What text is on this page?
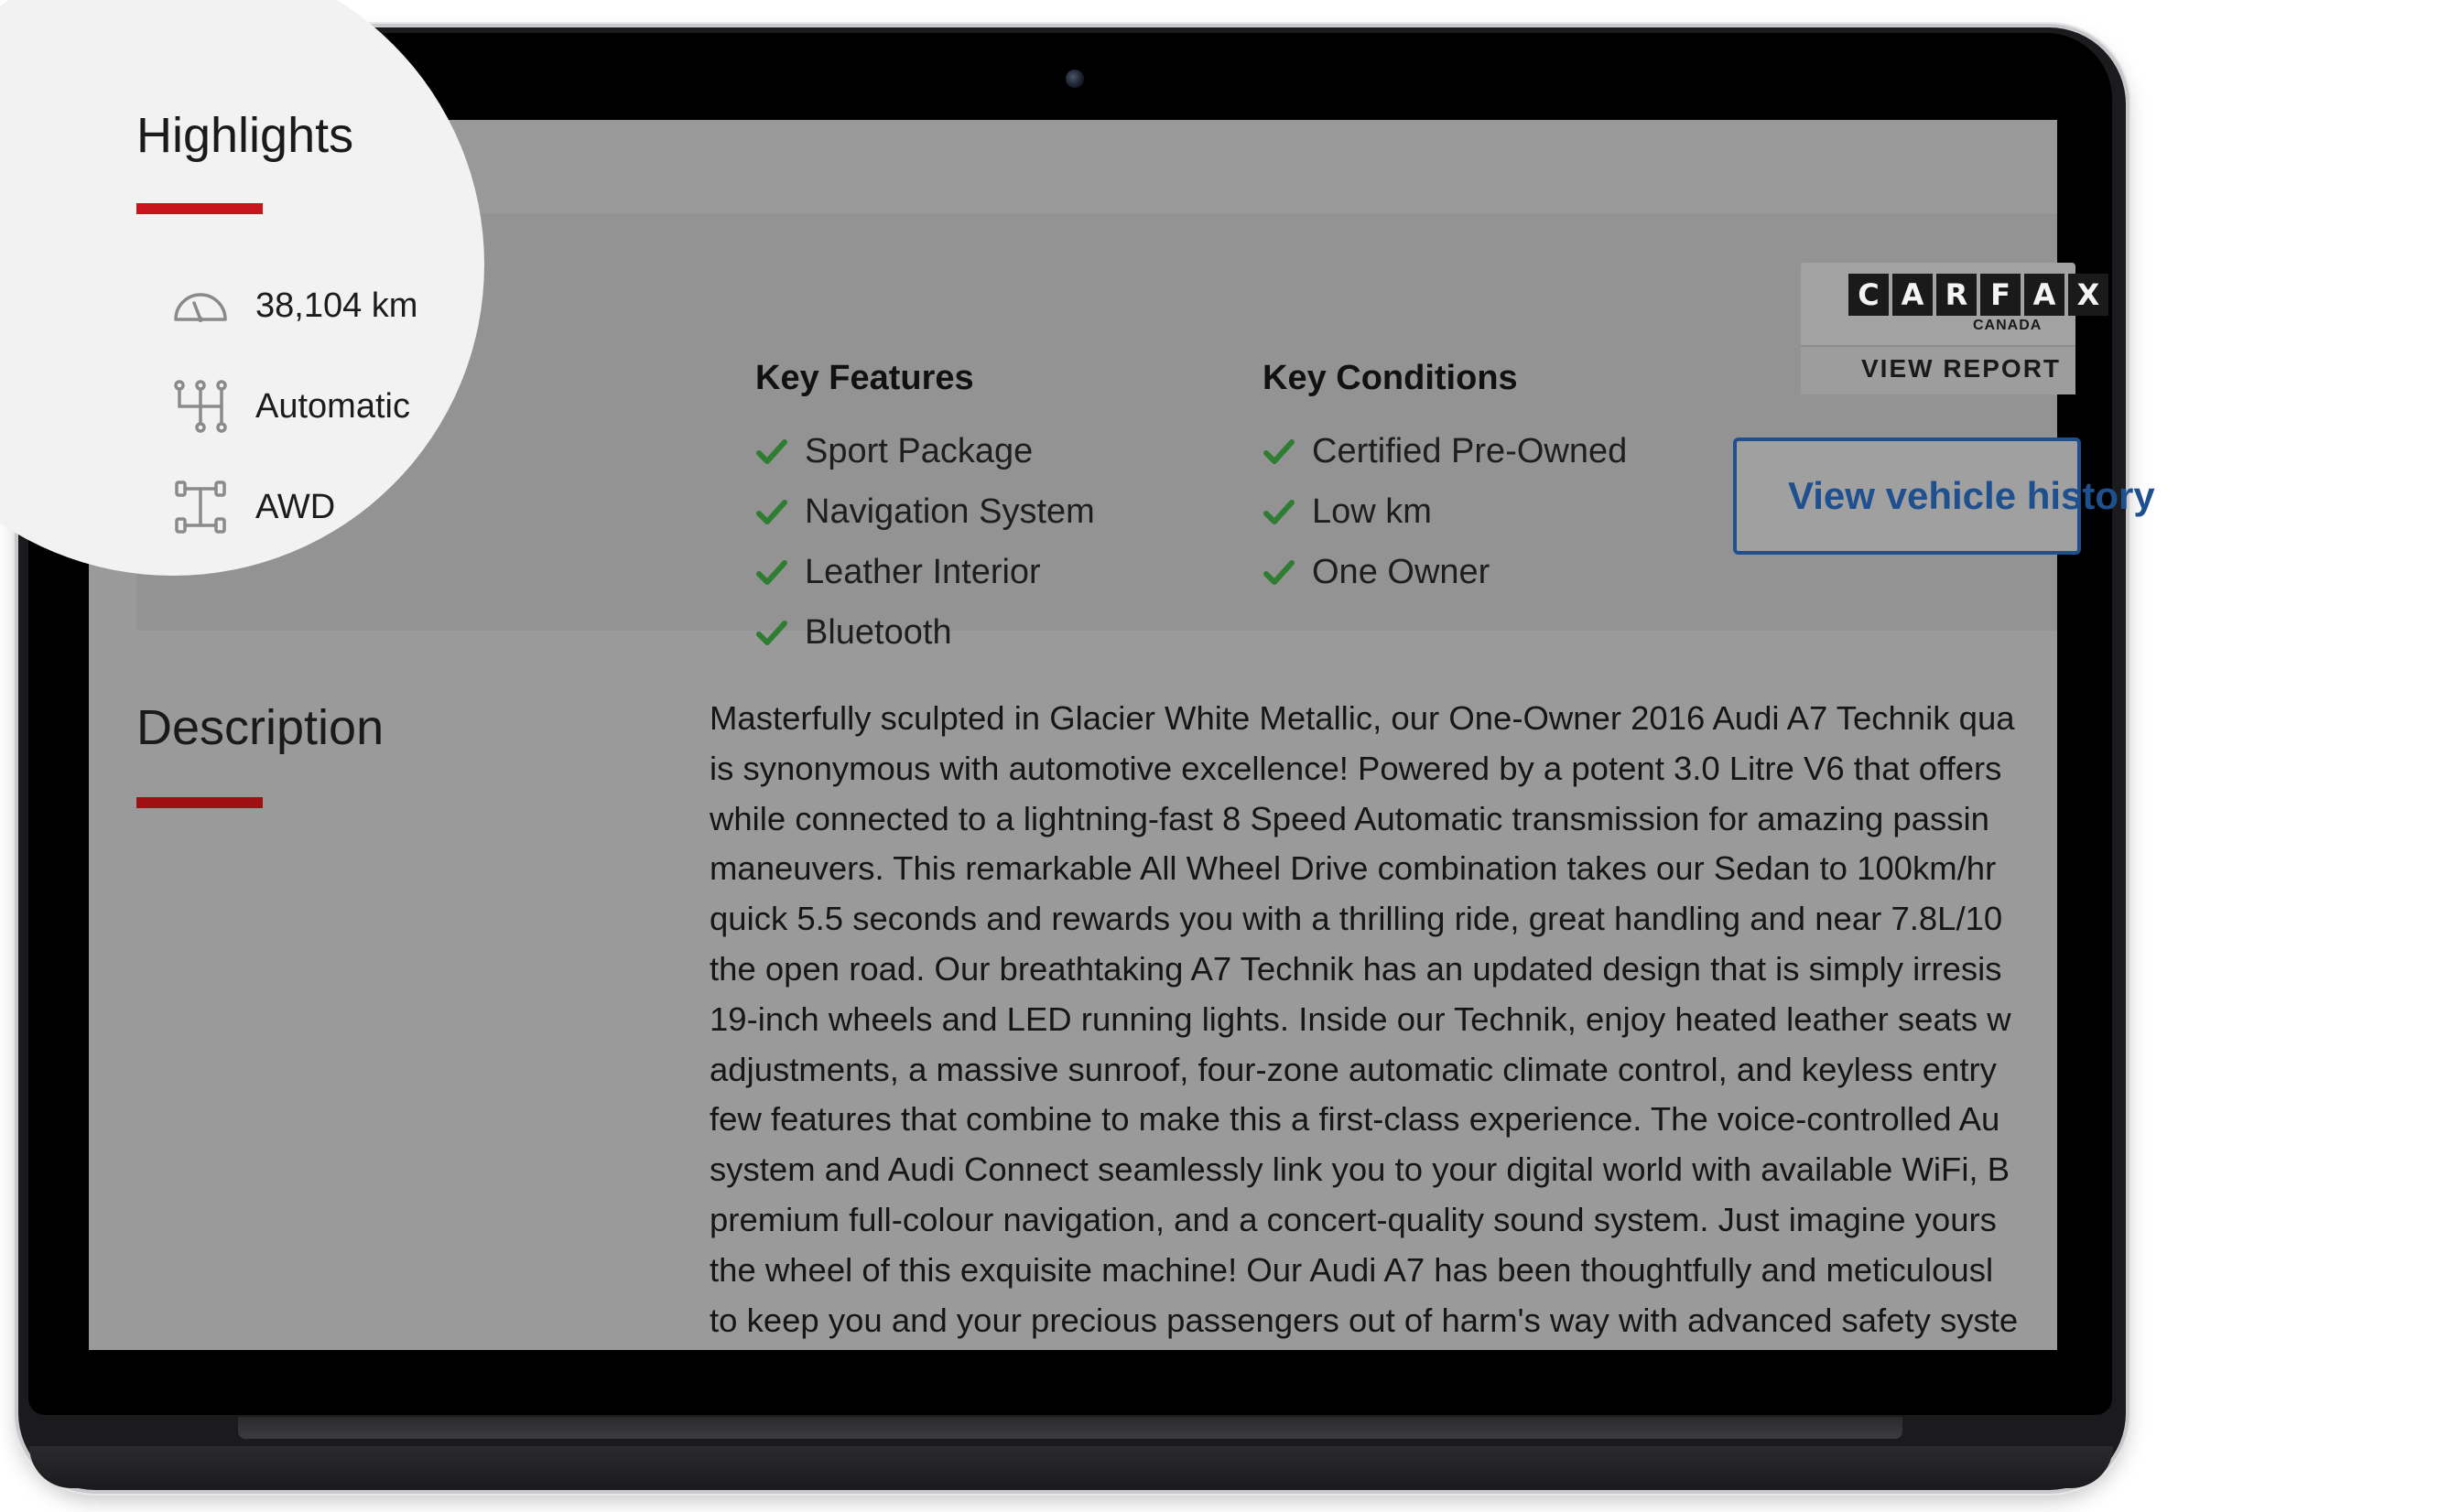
Key Features
Sport Package
Navigation System
Leather Interior
Bluetooth
Key Conditions
Certified Pre-Owned
Low km
One Owner
C A R F A X
CANADA
VIEW REPORT
View vehicle history
Highlights
38,104 km
Automatic
AWD
Description	Masterfully sculpted in Glacier White Metallic, our One-Owner 2016 Audi A7 Technik qua
is synonymous with automotive excellence! Powered by a potent 3.0 Litre V6 that offers
while connected to a lightning-fast 8 Speed Automatic transmission for amazing passin
maneuvers. This remarkable All Wheel Drive combination takes our Sedan to 100km/hr
quick 5.5 seconds and rewards you with a thrilling ride, great handling and near 7.8L/10
the open road. Our breathtaking A7 Technik has an updated design that is simply irresis
19-inch wheels and LED running lights. Inside our Technik, enjoy heated leather seats w
adjustments, a massive sunroof, four-zone automatic climate control, and keyless entry
few features that combine to make this a first-class experience. The voice-controlled Au
system and Audi Connect seamlessly link you to your digital world with available WiFi, B
premium full-colour navigation, and a concert-quality sound system. Just imagine yours
the wheel of this exquisite machine! Our Audi A7 has been thoughtfully and meticulousl
to keep you and your precious passengers out of harm's way with advanced safety syste
